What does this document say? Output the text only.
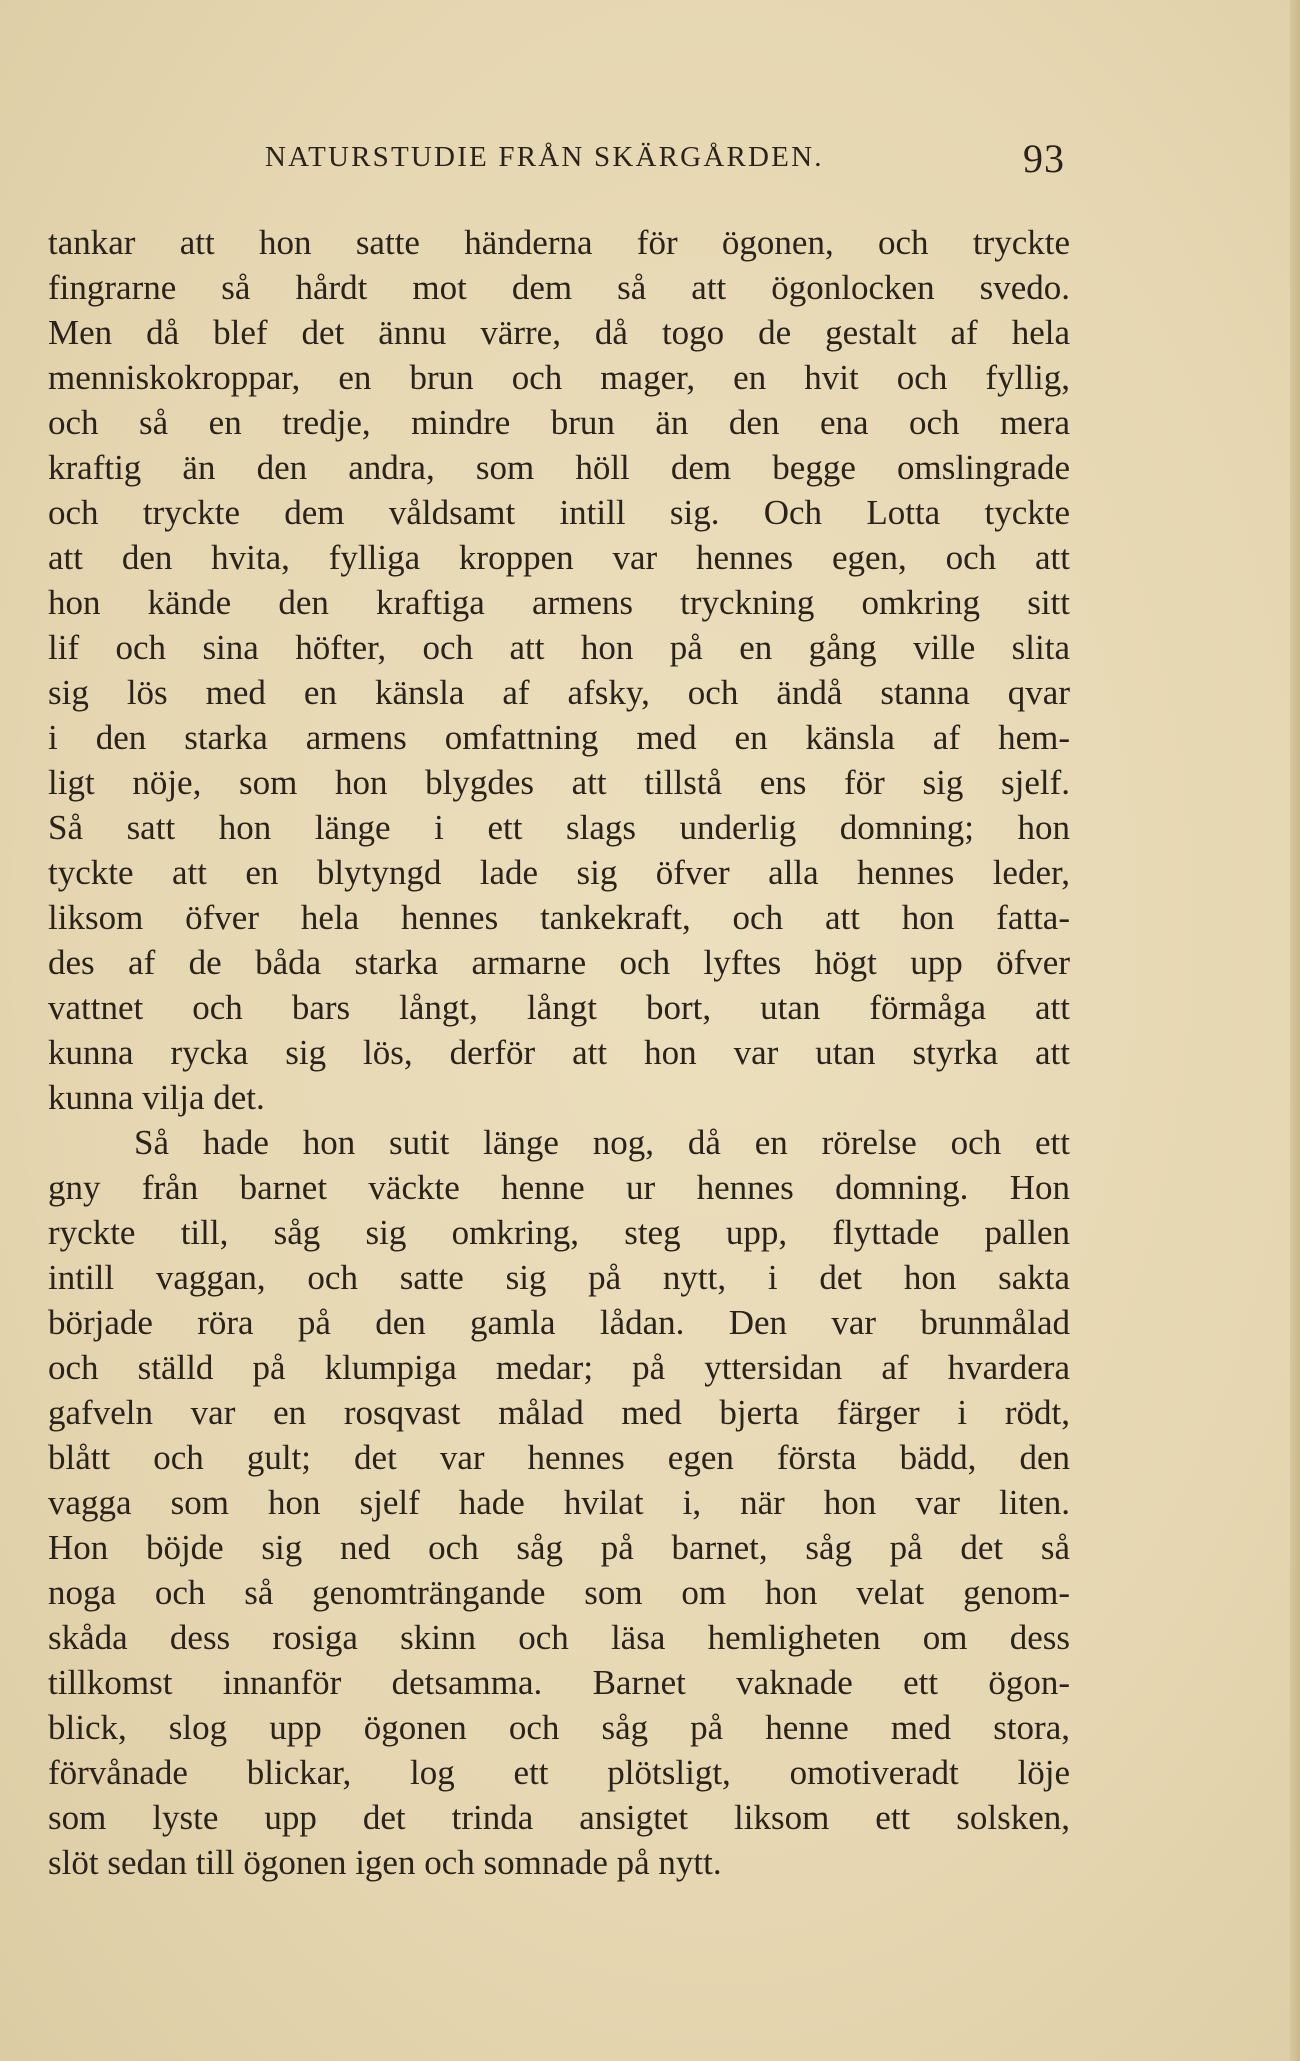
NATURSTUDIE FRÅN SKÄRGÅRDEN.	93
tankar att hon satte händerna för ögonen, och tryckte
fingrarne så hårdt mot dem så att ögonlocken svedo.
Men då blef det ännu värre, då togo de gestalt af hela
menniskokroppar, en brun och mager, en hvit och fyllig,
och så en tredje, mindre brun än den ena och mera
kraftig än den andra, som höll dem begge omslingrade
och tryckte dem våldsamt intill sig. Och Lotta tyckte
att den hvita, fylliga kroppen var hennes egen, och att
hon kände den kraftiga armens tryckning omkring sitt
lif och sina höfter, och att hon på en gång ville slita
sig lös med en känsla af afsky, och ändå stanna qvar
i den starka armens omfattning med en känsla af hem-
ligt nöje, som hon blygdes att tillstå ens för sig sjelf.
Så satt hon länge i ett slags underlig domning; hon
tyckte att en blytyngd lade sig öfver alla hennes leder,
liksom öfver hela hennes tankekraft, och att hon fatta-
des af de båda starka armarne och lyftes högt upp öfver
vattnet och bars långt, långt bort, utan förmåga att
kunna rycka sig lös, derför att hon var utan styrka att
kunna vilja det.
Så hade hon sutit länge nog, då en rörelse och ett
gny från barnet väckte henne ur hennes domning. Hon
ryckte till, såg sig omkring, steg upp, flyttade pallen
intill vaggan, och satte sig på nytt, i det hon sakta
började röra på den gamla lådan. Den var brunmålad
och ställd på klumpiga medar; på yttersidan af hvardera
gafveln var en rosqvast målad med bjerta färger i rödt,
blått och gult; det var hennes egen första bädd, den
vagga som hon sjelf hade hvilat i, när hon var liten.
Hon böjde sig ned och såg på barnet, såg på det så
noga och så genomträngande som om hon velat genom-
skåda dess rosiga skinn och läsa hemligheten om dess
tillkomst innanför detsamma. Barnet vaknade ett ögon-
blick, slog upp ögonen och såg på henne med stora,
förvånade blickar, log ett plötsligt, omotiveradt löje
som lyste upp det trinda ansigtet liksom ett solsken,
slöt sedan till ögonen igen och somnade på nytt.
